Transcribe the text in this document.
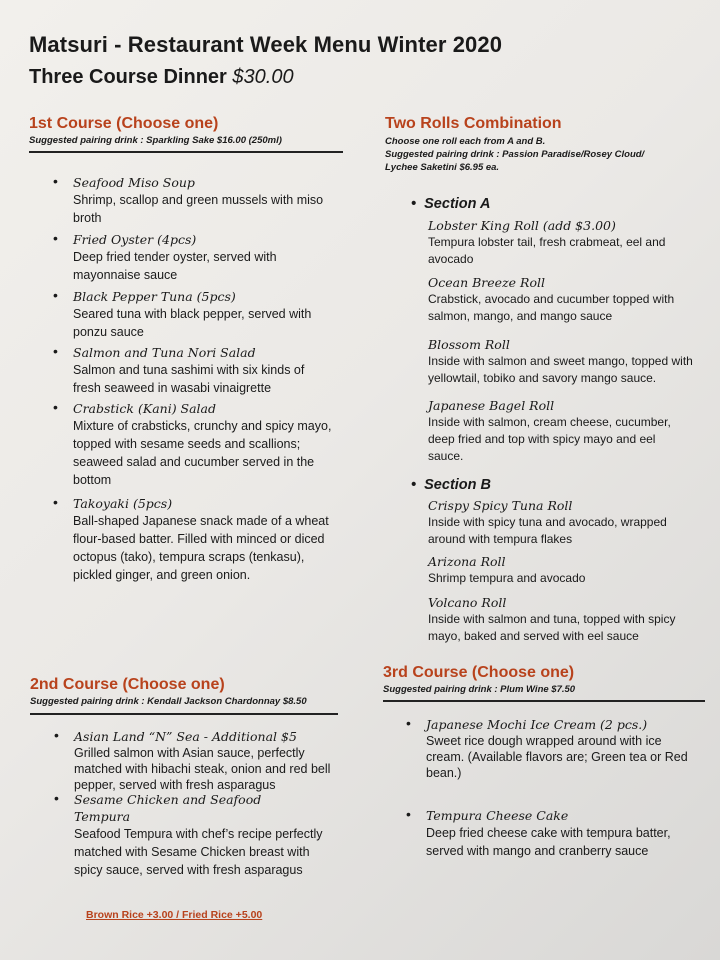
Matsuri - Restaurant Week Menu Winter 2020
Three Course Dinner $30.00
1st Course (Choose one)
Suggested pairing drink : Sparkling Sake $16.00 (250ml)
• Seafood Miso Soup
Shrimp, scallop and green mussels with miso broth
• Fried Oyster (4pcs)
Deep fried tender oyster, served with mayonnaise sauce
• Black Pepper Tuna (5pcs)
Seared tuna with black pepper, served with ponzu sauce
• Salmon and Tuna Nori Salad
Salmon and tuna sashimi with six kinds of fresh seaweed in wasabi vinaigrette
• Crabstick (Kani) Salad
Mixture of crabsticks, crunchy and spicy mayo, topped with sesame seeds and scallions; seaweed salad and cucumber served in the bottom
• Takoyaki (5pcs)
Ball-shaped Japanese snack made of a wheat flour-based batter. Filled with minced or diced octopus (tako), tempura scraps (tenkasu), pickled ginger, and green onion.
Two Rolls Combination
Choose one roll each from A and B.
Suggested pairing drink : Passion Paradise/Rosey Cloud/
Lychee Saketini $6.95 ea.
•  Section A
Lobster King Roll (add $3.00)
Tempura lobster tail, fresh crabmeat, eel and avocado
Ocean Breeze Roll
Crabstick, avocado and cucumber topped with salmon, mango, and mango sauce
Blossom Roll
Inside with salmon and sweet mango, topped with yellowtail, tobiko and savory mango sauce.
Japanese Bagel Roll
Inside with salmon, cream cheese, cucumber, deep fried and top with spicy mayo and eel sauce.
•  Section B
Crispy Spicy Tuna Roll
Inside with spicy tuna and avocado, wrapped around with tempura flakes
Arizona Roll
Shrimp tempura and avocado
Volcano Roll
Inside with salmon and tuna, topped with spicy mayo, baked and served with eel sauce
2nd Course (Choose one)
Suggested pairing drink : Kendall Jackson Chardonnay $8.50
• Asian Land “N” Sea - Additional $5
Grilled salmon with Asian sauce, perfectly matched with hibachi steak, onion and red bell pepper, served with fresh asparagus
• Sesame Chicken and Seafood Tempura
Seafood Tempura with chef’s recipe perfectly matched with Sesame Chicken breast with spicy sauce, served with fresh asparagus
Brown Rice +3.00 / Fried Rice +5.00
3rd Course (Choose one)
Suggested pairing drink : Plum Wine $7.50
• Japanese Mochi Ice Cream (2 pcs.)
Sweet rice dough wrapped around with ice cream. (Available flavors are; Green tea or Red bean.)
• Tempura Cheese Cake
Deep fried cheese cake with tempura batter, served with mango and cranberry sauce
